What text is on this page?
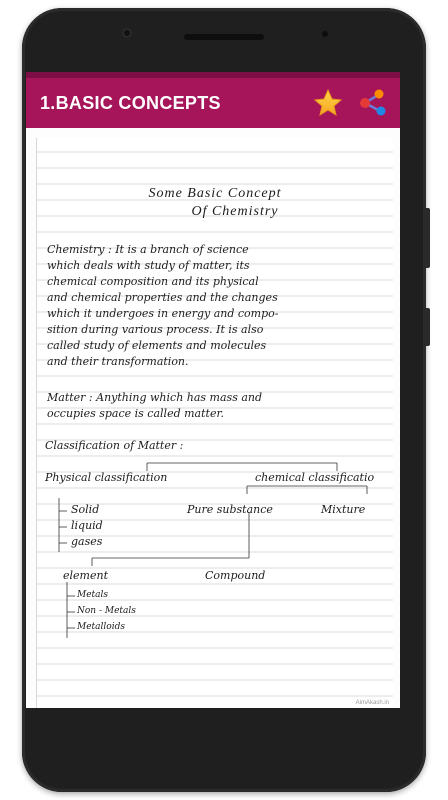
1.BASIC CONCEPTS
Some Basic Concept
Of Chemistry
Chemistry : It is a branch of science
which deals with study of matter, its
chemical composition and its physical
and chemical properties and the changes
which it undergoes in energy and compo-
sition during various process. It is also
called study of elements and molecules
and their transformation.
Matter : Anything which has mass and
occupies space is called matter.
Classification of Matter :
Physical classification	chemical classificatio
Solid
liquid
gases
Pure substance	Mixture
element	Compound
Metals
Non - Metals
Metalloids
AimAkash.in
